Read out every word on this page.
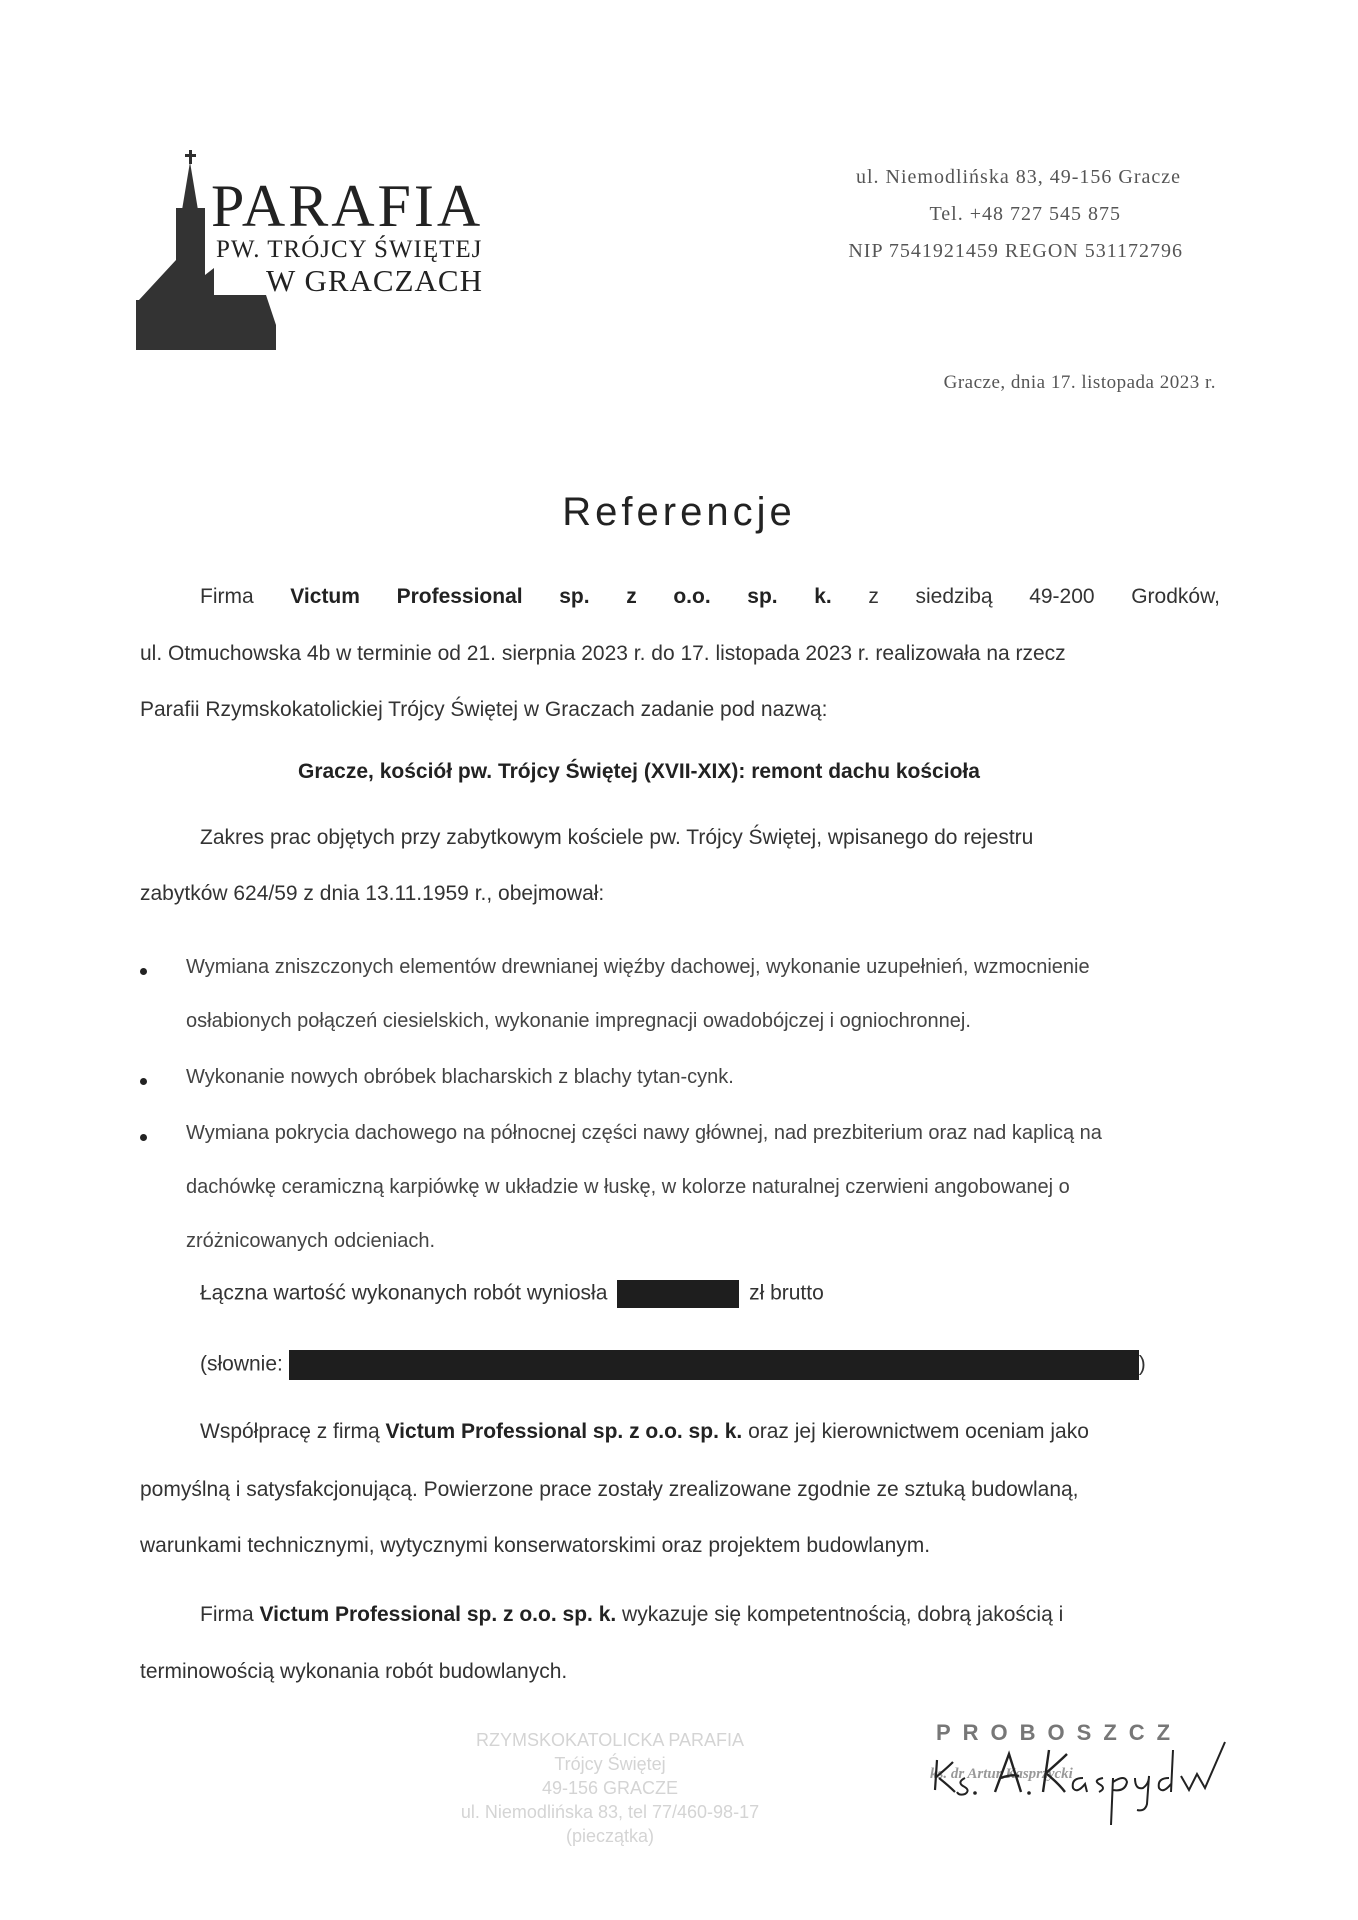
PARAFIA
PW. TRÓJCY ŚWIĘTEJ
W GRACZACH
ul. Niemodlińska 83, 49-156 Gracze
Tel. +48 727 545 875
NIP 7541921459 REGON 531172796
Gracze, dnia 17. listopada 2023 r.
Referencje
Firma Victum Professional sp. z o.o. sp. k. z siedzibą 49-200 Grodków,
ul. Otmuchowska 4b w terminie od 21. sierpnia 2023 r. do 17. listopada 2023 r. realizowała na rzecz
Parafii Rzymskokatolickiej Trójcy Świętej w Graczach zadanie pod nazwą:
Gracze, kościół pw. Trójcy Świętej (XVII-XIX): remont dachu kościoła
Zakres prac objętych przy zabytkowym kościele pw. Trójcy Świętej, wpisanego do rejestru
zabytków 624/59 z dnia 13.11.1959 r., obejmował:
Wymiana zniszczonych elementów drewnianej więźby dachowej, wykonanie uzupełnień, wzmocnienie
osłabionych połączeń ciesielskich, wykonanie impregnacji owadobójczej i ogniochronnej.
Wykonanie nowych obróbek blacharskich z blachy tytan-cynk.
Wymiana pokrycia dachowego na północnej części nawy głównej, nad prezbiterium oraz nad kaplicą na
dachówkę ceramiczną karpiówkę w układzie w łuskę, w kolorze naturalnej czerwieni angobowanej o
zróżnicowanych odcieniach.
Łączna wartość wykonanych robót wyniosła	zł brutto
(słownie:	)
Współpracę z firmą Victum Professional sp. z o.o. sp. k. oraz jej kierownictwem oceniam jako
pomyślną i satysfakcjonującą. Powierzone prace zostały zrealizowane zgodnie ze sztuką budowlaną,
warunkami technicznymi, wytycznymi konserwatorskimi oraz projektem budowlanym.
Firma Victum Professional sp. z o.o. sp. k. wykazuje się kompetentnością, dobrą jakością i
terminowością wykonania robót budowlanych.
RZYMSKOKATOLICKA PARAFIA
Trójcy Świętej
49-156 GRACZE
ul. Niemodlińska 83, tel 77/460-98-17
(pieczątka)
PROBOSZCZ
ks. dr Artur Kasprzycki
